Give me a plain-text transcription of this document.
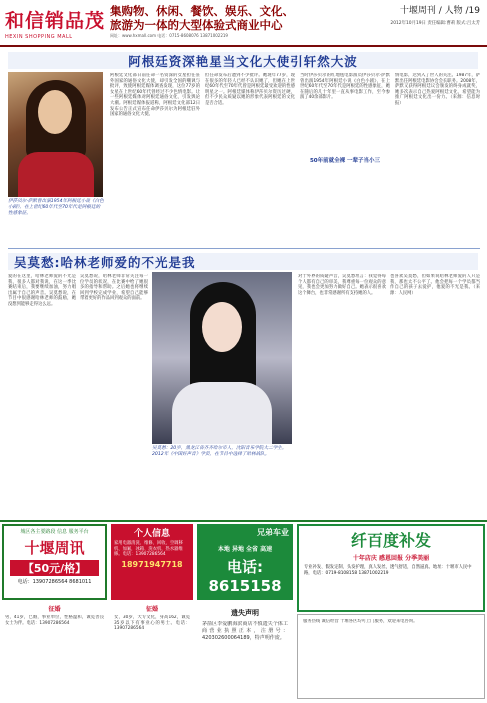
和信销品茂
HEXIN SHOPPING MALL
集购物、休闲、餐饮、娱乐、文化、
旅游为一体的大型体验式商业中心
网址：www.hxmall.com 电话：0715-8608076 13871002219
十堰周刊 / 人物 /19
2012年10月19日 责任编辑:曹莉 版式:吕太芳
阿根廷资深艳星当文化大使引轩然大波
伊莎贝尔·萨默曾出演1954年阿根廷小说《白色小剧》，在上世纪60年代至70年代是阿根廷的性感象征。
阿根廷文化部日前任命一名资深的女星担任驻外国家的通俗文化大使，却引发全国的嘲讽与批评，致使阿根廷媒体调查发现，这位77岁的女星在上世纪60年代曾经过不少色情电影。让一些阿根廷媒体对阿根廷通俗文化、引发舆论大潮。阿根廷媒体报道称，阿根廷文化部12日发布公告正式宣布任命伊莎贝尔为阿根廷驻外国家的通俗文化大使。
但任命发布后遭到不少批评。她现年77岁，现在很多的年轻人已经不认识她了，但她在上世纪60年代至70年代曾是阿根廷最受欢迎的性感明星之一。阿根廷媒体称伊莎贝尔资历过硬，但不少民众质疑以她的形象代表阿根廷的文化是否合适。
当时伊莎贝尔的红地毯电影演员伊莎贝尔·萨默曾出演1954年阿根廷小说《白色小剧》，在上世纪60年代至70年代是阿根廷的性感象征，她在随后的几十年里一直从事电影工作，至今参演了40余部影片。
50年前就全裸 一辈子当小三
情电影，达到入了世人的关注。1987年，萨默出任阿根廷电影协会会长职务。2008年，萨默又获得阿根廷议会颁发的终身成就奖，她多次表示自己热爱阿根廷文化，希望能为推广阿根廷文化出一份力。（来源：信息时报）
吴莫愁:哈林老师爱的不光是我
爱的在这里，哈林老师爱的不光是我，很多人都对我说，在这一季比赛结束后，我要继续加油，努力唱出属于自己的声音。吴莫愁说，在节目中很感谢哈林老师的鼓励，她没想到能够走得这么远。
吴莫愁说，哈林老师非常关注每一位学员的状况，在比赛中给了她很多的指导和帮助。之后她也将继续回到学校完成学业，希望自己能够带着更好的作品回到观众的面前。
吴莫愁：20岁，黑龙江省齐齐哈尔市人，沈阳音乐学院大二学生。2012年《中国好声音》学员，在节目中选择了哈林战队。
对于外界的质疑声音，吴莫愁坦言：我觉得每个人都有自己的审美，我尊重每一位观众的意见，我也会更加努力做好自己。她表示很喜欢这个舞台，也非常感谢所有支持她的人。
也喜欢吴莫愁，但如果说哈林老师爱的人只是我，那也太不公平了。他会把每一个学员都当作自己的孩子去爱护，他爱的不光是我。（来源：人民网）
城区各主要路段 信息 服务平台
十堰周讯
【50元/格】
电话：13907286564 8681011
个人信息
家用电器清洗、维修、回收，空调移机、加氟，冰箱、洗衣机、热水器维修。电话：13907286564
18971947718
兄弟车业
本地 异地 全省 高速
电话: 8615158
纤百度补发
十年店庆 感恩回报 分季美丽
专业补发、假发定制、头发护理，真人发丝，透气舒适，自然逼真。地址：十堰市人民中路，电话：0719-8108158 13871002219
征婚
男，41岁，已婚，事业单位，性格温和，诚觅善良女士为伴。电话：13907286564
征婚
女，30岁，大专文化，身高162，诚觅35岁以下有事业心的男士。电话：13907286564
遗失声明
茅箭区李爱鹏海滨商店不慎遗失个体工商营业执照正本，注册号：420302600064189，特声明作废。
服务热线 诚信经营 十堰各区均可上门服务，欢迎来电咨询。
